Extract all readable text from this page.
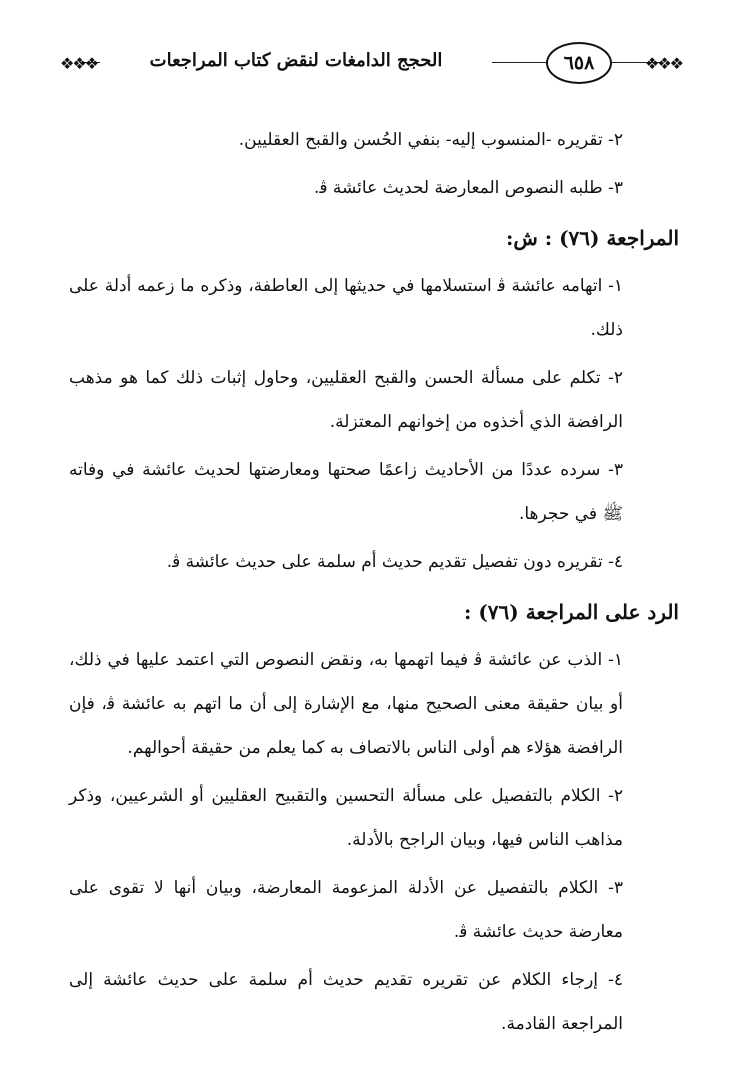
❖❖❖	❖❖❖
٦٥٨
الحجج الدامغات لنقض كتاب المراجعات

٢- تقريره -المنسوب إليه- بنفي الحُسن والقبح العقليين.

٣- طلبه النصوص المعارضة لحديث عائشة ﭬ.

المراجعة (٧٦) : ش:

١- اتهامه عائشة ﭬ استسلامها في حديثها إلى العاطفة، وذكره ما زعمه أدلة على ذلك.

٢- تكلم على مسألة الحسن والقبح العقليين، وحاول إثبات ذلك كما هو مذهب الرافضة الذي أخذوه من إخوانهم المعتزلة.

٣- سرده عددًا من الأحاديث زاعمًا صحتها ومعارضتها لحديث عائشة في وفاته ﷺ في حجرها.

٤- تقريره دون تفصيل تقديم حديث أم سلمة على حديث عائشة ﭬ.

الرد على المراجعة (٧٦) :

١- الذب عن عائشة ﭬ فيما اتهمها به، ونقض النصوص التي اعتمد عليها في ذلك، أو بيان حقيقة معنى الصحيح منها، مع الإشارة إلى أن ما اتهم به عائشة ﭬ، فإن الرافضة هؤلاء هم أولى الناس بالاتصاف به كما يعلم من حقيقة أحوالهم.

٢- الكلام بالتفصيل على مسألة التحسين والتقبيح العقليين أو الشرعيين، وذكر مذاهب الناس فيها، وبيان الراجح بالأدلة.

٣- الكلام بالتفصيل عن الأدلة المزعومة المعارضة، وبيان أنها لا تقوى على معارضة حديث عائشة ﭬ.

٤- إرجاء الكلام عن تقريره تقديم حديث أم سلمة على حديث عائشة إلى المراجعة القادمة.
